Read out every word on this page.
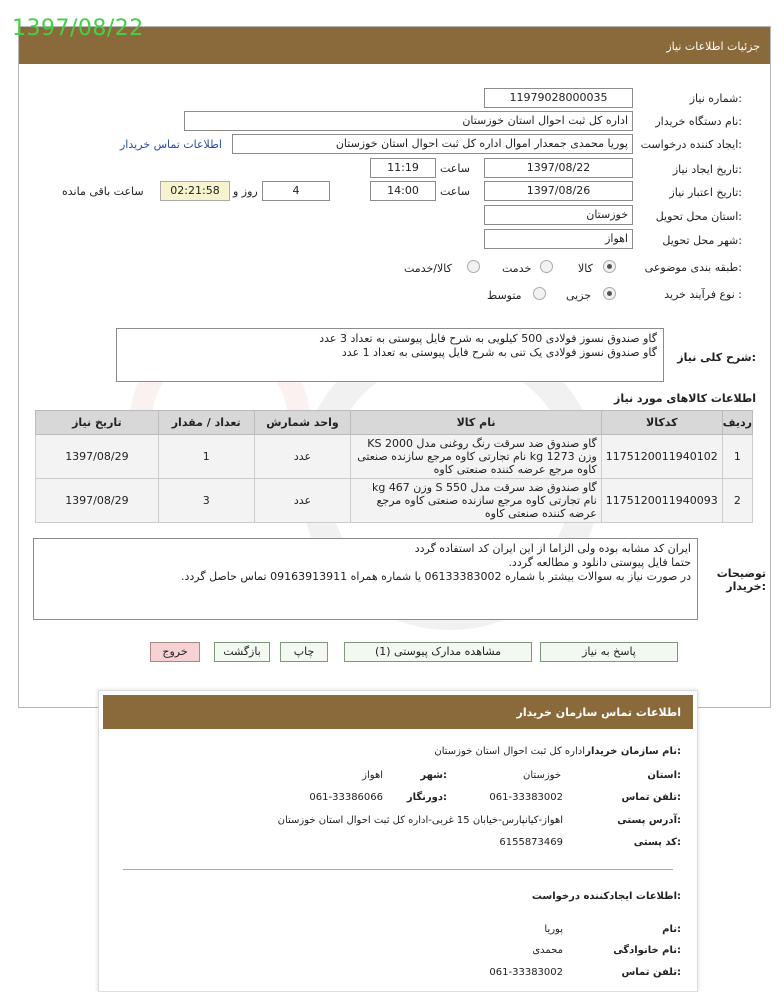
1397/08/22
جزئیات اطلاعات نیاز
شماره نیاز:
11979028000035
نام دستگاه خریدار:
اداره کل ثبت احوال استان خوزستان
ایجاد کننده درخواست:
پوریا محمدی جمعدار اموال اداره کل ثبت احوال استان خوزستان
اطلاعات تماس خریدار
تاریخ ایجاد نیاز:
1397/08/22
ساعت
11:19
تاریخ اعتبار نیاز:
1397/08/26
ساعت
14:00
4
روز و
02:21:58
ساعت باقی مانده
استان محل تحویل:
خوزستان
شهر محل تحویل:
اهواز
طبقه بندی موضوعی:
کالا
خدمت
کالا/خدمت
نوع فرآیند خرید :
جزیی
متوسط
شرح کلی نیاز:
گاو صندوق نسوز فولادی 500 کیلویی به شرح فایل پیوستی به تعداد 3 عدد
گاو صندوق نسوز فولادی یک تنی به شرح فایل پیوستی به تعداد 1 عدد
اطلاعات کالاهای مورد نیاز
ردیف	کدکالا	نام کالا	واحد شمارش	تعداد / مقدار	تاریخ نیاز
1	1175120011940102	گاو صندوق ضد سرقت رنگ روغنی مدل KS 2000 وزن 1273 kg نام تجارتی کاوه مرجع سازنده صنعتی کاوه مرجع عرضه کننده صنعتی کاوه	عدد	1	1397/08/29
2	1175120011940093	گاو صندوق ضد سرقت مدل S 550 وزن 467 kg نام تجارتی کاوه مرجع سازنده صنعتی کاوه مرجع عرضه کننده صنعتی کاوه	عدد	3	1397/08/29
توضیحات خریدار:
ایران کد مشابه بوده ولی الزاما از این ایران کد استفاده گردد
حتما فایل پیوستی دانلود و مطالعه گردد.
در صورت نیاز به سوالات بیشتر با شماره 06133383002 یا شماره همراه 09163913911 تماس حاصل گردد.
پاسخ به نیاز
مشاهده مدارک پیوستی (1)
چاپ
بازگشت
خروج
اطلاعات تماس سازمان خریدار
نام سازمان خریدار:
اداره کل ثبت احوال استان خوزستان
استان:
خوزستان
شهر:
اهواز
تلفن تماس:
061-33383002
دورنگار:
061-33386066
آدرس پستی:
اهواز-کیانپارس-خیابان 15 غربی-اداره کل ثبت احوال استان خوزستان
کد پستی:
6155873469
اطلاعات ایجادکننده درخواست:
نام:
پوریا
نام خانوادگی:
محمدی
تلفن تماس:
061-33383002
